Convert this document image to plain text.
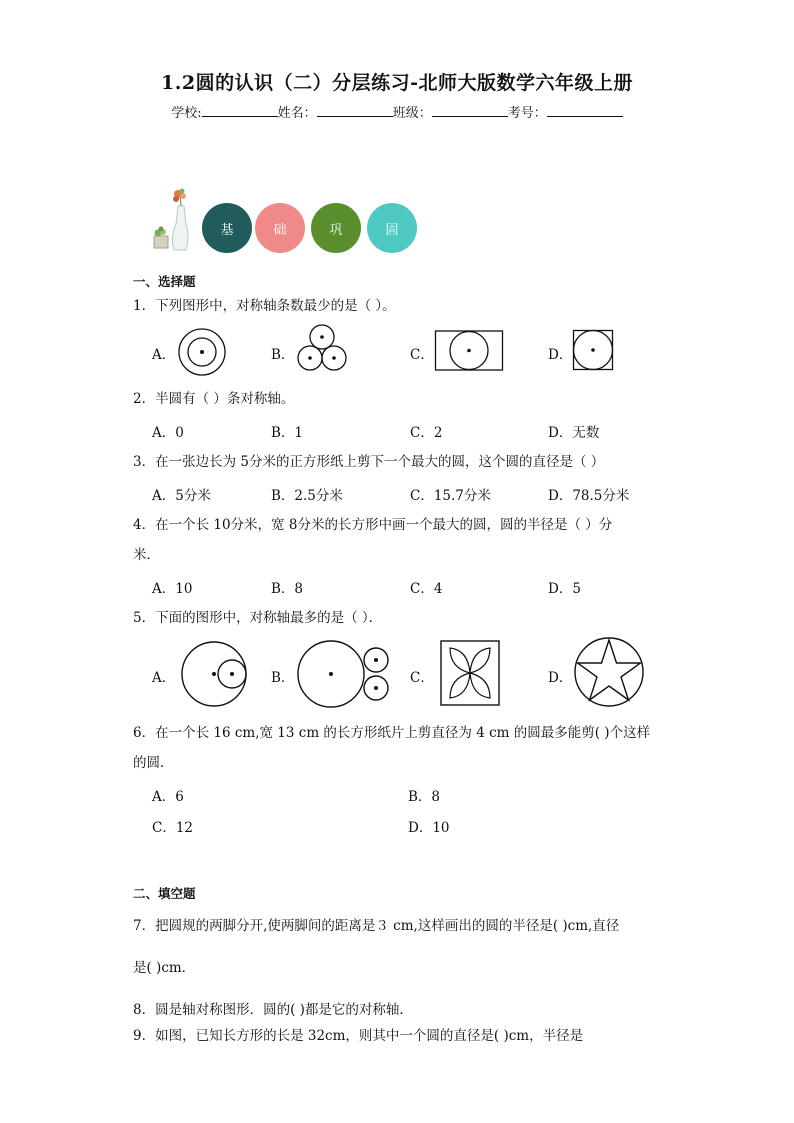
1.2圆的认识（二）分层练习-北师大版数学六年级上册
学校:	姓名：	班级：	考号：
基	础	巩	固
一、选择题
1．下列图形中，对称轴条数最少的是（ ）。
A．	B．	C．	D．
2．半圆有（ ）条对称轴。
A．0	B．1	C．2	D．无数
3．在一张边长为 5分米的正方形纸上剪下一个最大的圆，这个圆的直径是（ ）
A．5分米	B．2.5分米	C．15.7分米	D．78.5分米
4．在一个长 10分米，宽 8分米的长方形中画一个最大的圆，圆的半径是（ ）分
米．
A．10	B．8	C．4	D．5
5．下面的图形中，对称轴最多的是（ ）．
A．	B．	C．	D．
6．在一个长 16 cm,宽 13 cm 的长方形纸片上剪直径为 4 cm 的圆最多能剪( )个这样
的圆．
A．6	B．8
C．12	D．10
二、填空题
7．把圆规的两脚分开,使两脚间的距离是３ cm,这样画出的圆的半径是( )cm,直径
是( )cm．
8．圆是轴对称图形．圆的( )都是它的对称轴．
9．如图，已知长方形的长是 32cm，则其中一个圆的直径是( )cm，半径是
